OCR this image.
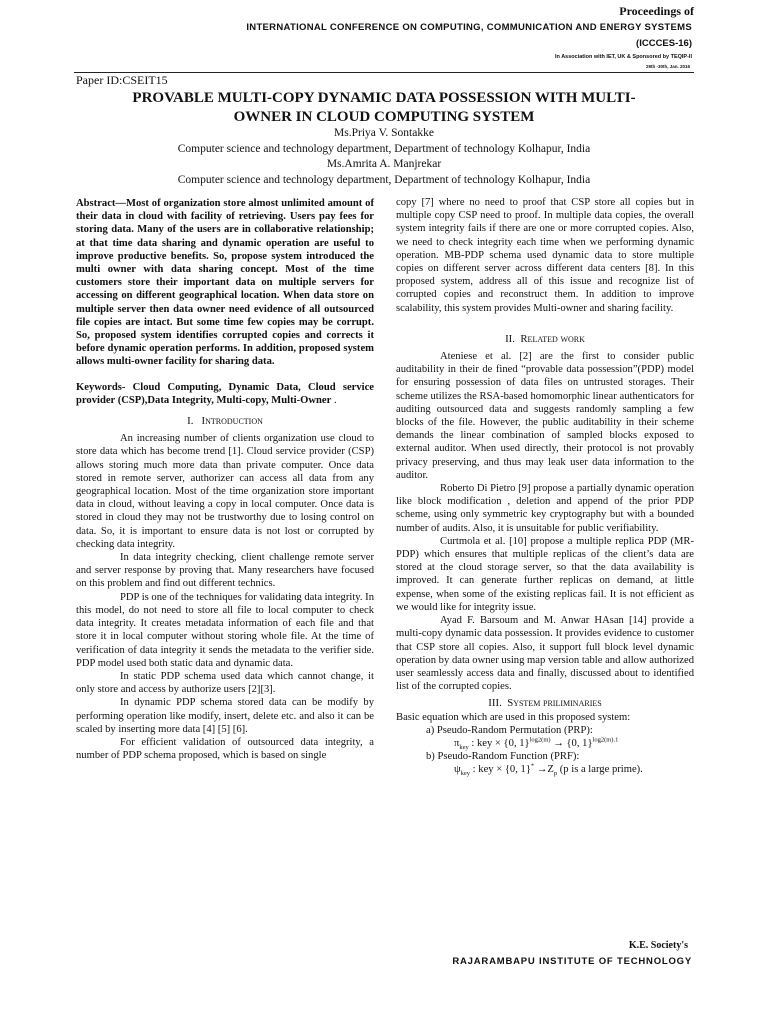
Proceedings of
INTERNATIONAL CONFERENCE ON COMPUTING, COMMUNICATION AND ENERGY SYSTEMS
(ICCCES-16)
In Association with IET, UK & Sponsored by TEQIP-II
29th -30th, Jan. 2016
Paper ID:CSEIT15
PROVABLE MULTI-COPY DYNAMIC DATA POSSESSION WITH MULTI-
OWNER IN CLOUD COMPUTING SYSTEM
Ms.Priya V. Sontakke
Computer science and technology department, Department of technology Kolhapur, India
Ms.Amrita A. Manjrekar
Computer science and technology department, Department of technology Kolhapur, India

Abstract—Most of organization store almost unlimited amount of their data in cloud with facility of retrieving. Users pay fees for storing data. Many of the users are in collaborative relationship; at that time data sharing and dynamic operation are useful to improve productive benefits. So, propose system introduced the multi owner with data sharing concept. Most of the time customers store their important data on multiple servers for accessing on different geographical location. When data store on multiple server then data owner need evidence of all outsourced file copies are intact. But some time few copies may be corrupt. So, proposed system identifies corrupted copies and corrects it before dynamic operation performs. In addition, proposed system allows multi-owner facility for sharing data.

Keywords- Cloud Computing, Dynamic Data, Cloud service provider (CSP),Data Integrity, Multi-copy, Multi-Owner .

I. Introduction

An increasing number of clients organization use cloud to store data which has become trend [1]. Cloud service provider (CSP) allows storing much more data than private computer. Once data stored in remote server, authorizer can access all data from any geographical location. Most of the time organization store important data in cloud, without leaving a copy in local computer. Once data is stored in cloud they may not be trustworthy due to losing control on data. So, it is important to ensure data is not lost or corrupted by checking data integrity.

In data integrity checking, client challenge remote server and server response by proving that. Many researchers have focused on this problem and find out different technics.

PDP is one of the techniques for validating data integrity. In this model, do not need to store all file to local computer to check data integrity. It creates metadata information of each file and that store it in local computer without storing whole file. At the time of verification of data integrity it sends the metadata to the verifier side. PDP model used both static data and dynamic data.

In static PDP schema used data which cannot change, it only store and access by authorize users [2][3].

In dynamic PDP schema stored data can be modify by performing operation like modify, insert, delete etc. and also it can be scaled by inserting more data [4] [5] [6].

For efficient validation of outsourced data integrity, a number of PDP schema proposed, which is based on single

copy [7] where no need to proof that CSP store all copies but in multiple copy CSP need to proof. In multiple data copies, the overall system integrity fails if there are one or more corrupted copies. Also, we need to check integrity each time when we performing dynamic operation. MB-PDP schema used dynamic data to store multiple copies on different server across different data centers [8]. In this proposed system, address all of this issue and recognize list of corrupted copies and reconstruct them. In addition to improve scalability, this system provides Multi-owner and sharing facility.

II. Related work

Ateniese et al. [2] are the first to consider public auditability in their de fined “provable data possession”(PDP) model for ensuring possession of data files on untrusted storages. Their scheme utilizes the RSA-based homomorphic linear authenticators for auditing outsourced data and suggests randomly sampling a few blocks of the file. However, the public auditability in their scheme demands the linear combination of sampled blocks exposed to external auditor. When used directly, their protocol is not provably privacy preserving, and thus may leak user data information to the auditor.

Roberto Di Pietro [9] propose a partially dynamic operation like block modification , deletion and append of the prior PDP scheme, using only symmetric key cryptography but with a bounded number of audits. Also, it is unsuitable for public verifiability.

Curtmola et al. [10] propose a multiple replica PDP (MR-PDP) which ensures that multiple replicas of the client’s data are stored at the cloud storage server, so that the data availability is improved. It can generate further replicas on demand, at little expense, when some of the existing replicas fail. It is not efficient as we would like for integrity issue.

Ayad F. Barsoum and M. Anwar HAsan [14] provide a multi-copy dynamic data possession. It provides evidence to customer that CSP store all copies. Also, it support full block level dynamic operation by data owner using map version table and allow authorized user seamlessly access data and finally, discussed about to identified list of the corrupted copies.

III. System priliminaries

Basic equation which are used in this proposed system:

a) Pseudo-Random Permutation (PRP):

$\pi_{key}$ : key × {0, 1}$^{log2(m)}$ → {0, 1}$^{log2(m).1}$

b) Pseudo-Random Function (PRF):

$\psi_{key}$ : key × {0, $1\}^* \to Z_p$ (p is a large prime).

K.E. Society's
RAJARAMBAPU INSTITUTE OF TECHNOLOGY
